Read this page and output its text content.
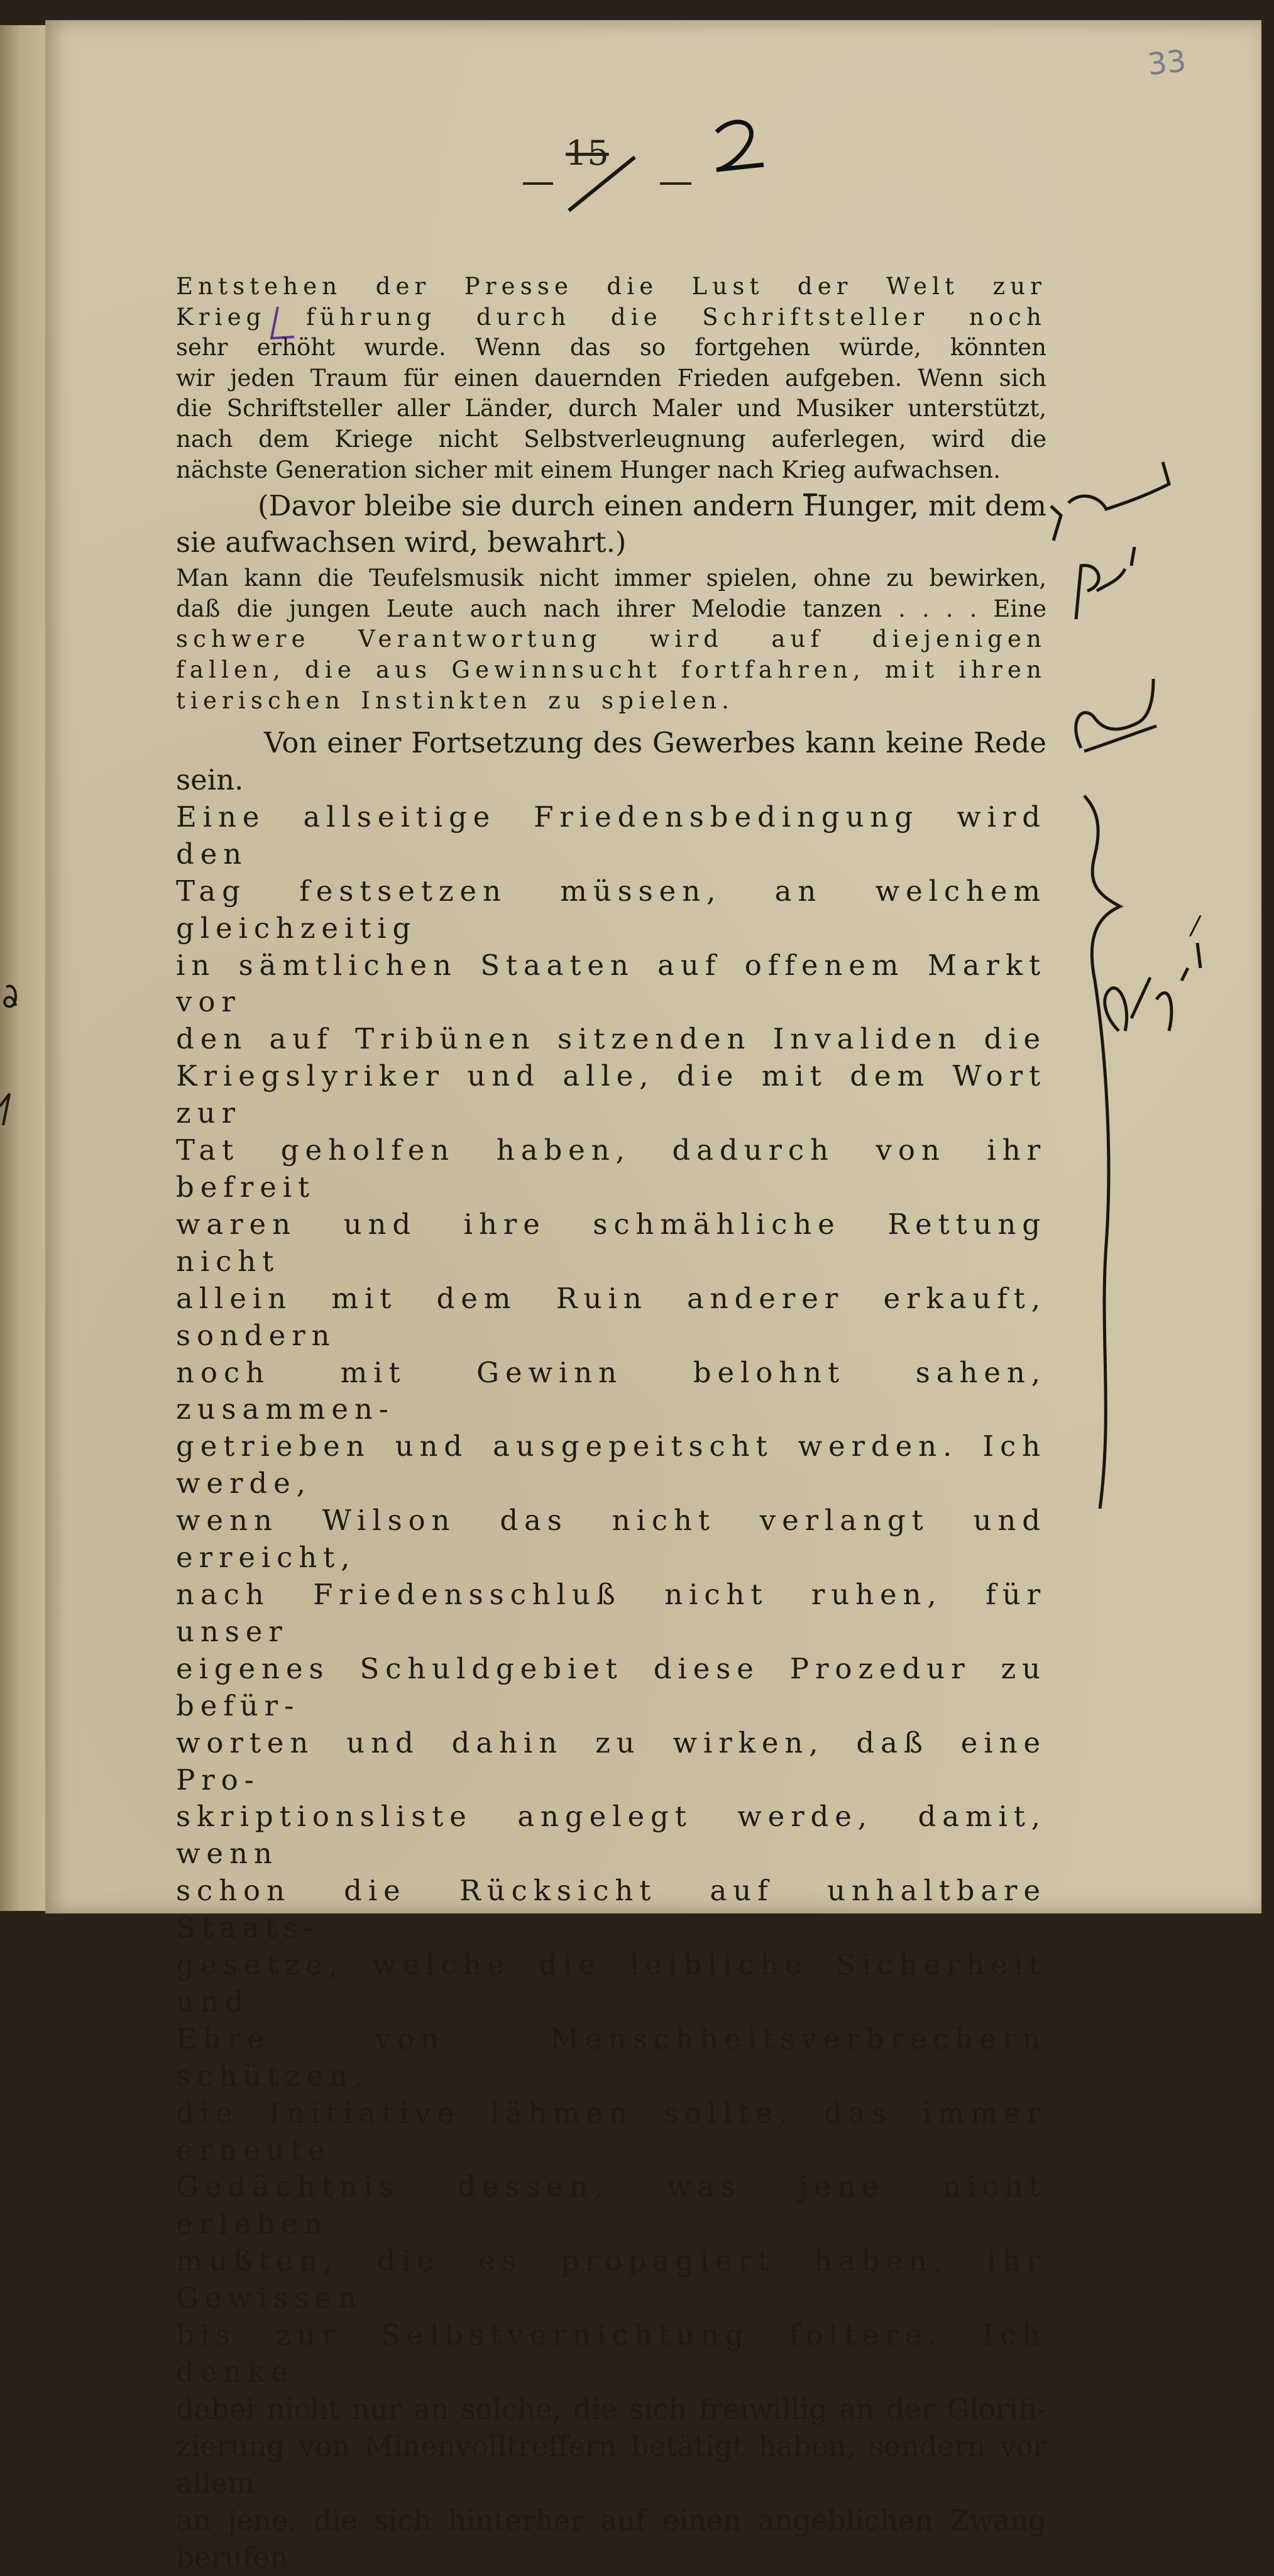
33
15
Entstehen der Presse die Lust der Welt zur
Krieg führung durch die Schriftsteller noch
sehr erhöht wurde. Wenn das so fortgehen würde, könnten
wir jeden Traum für einen dauernden Frieden aufgeben. Wenn sich
die Schriftsteller aller Länder, durch Maler und Musiker unterstützt,
nach dem Kriege nicht Selbstverleugnung auferlegen, wird die
nächste Generation sicher mit einem Hunger nach Krieg aufwachsen.
(Davor bleibe sie durch einen andern Hunger, mit dem
sie aufwachsen wird, bewahrt.)
Man kann die Teufelsmusik nicht immer spielen, ohne zu bewirken,
daß die jungen Leute auch nach ihrer Melodie tanzen . . . . Eine
schwere Verantwortung wird auf diejenigen
fallen, die aus Gewinnsucht fortfahren, mit ihren
tierischen Instinkten zu spielen.
Von einer Fortsetzung des Gewerbes kann keine Rede sein.
Eine allseitige Friedensbedingung wird den
Tag festsetzen müssen, an welchem gleichzeitig
in sämtlichen Staaten auf offenem Markt vor
den auf Tribünen sitzenden Invaliden die
Kriegslyriker und alle, die mit dem Wort zur
Tat geholfen haben, dadurch von ihr befreit
waren und ihre schmähliche Rettung nicht
allein mit dem Ruin anderer erkauft, sondern
noch mit Gewinn belohnt sahen, zusammen-
getrieben und ausgepeitscht werden. Ich werde,
wenn Wilson das nicht verlangt und erreicht,
nach Friedensschluß nicht ruhen, für unser
eigenes Schuldgebiet diese Prozedur zu befür-
worten und dahin zu wirken, daß eine Pro-
skriptionsliste angelegt werde, damit, wenn
schon die Rücksicht auf unhaltbare Staats-
gesetze, welche die leibliche Sicherheit und
Ehre von Menschheitsverbrechern schützen,
die Initiative lähmen sollte, das immer erneute
Gedächtnis dessen, was jene nicht erleben
mußten, die es propagiert haben, ihr Gewissen
bis zur Selbstvernichtung foltere. Ich denke
dabei nicht nur an solche, die sich freiwillig an der Glorifi-
zierung von Minenvolltreffern betätigt haben, sondern vor allem
an jene, die sich hinterher auf einen angeblichen Zwang berufen
/
